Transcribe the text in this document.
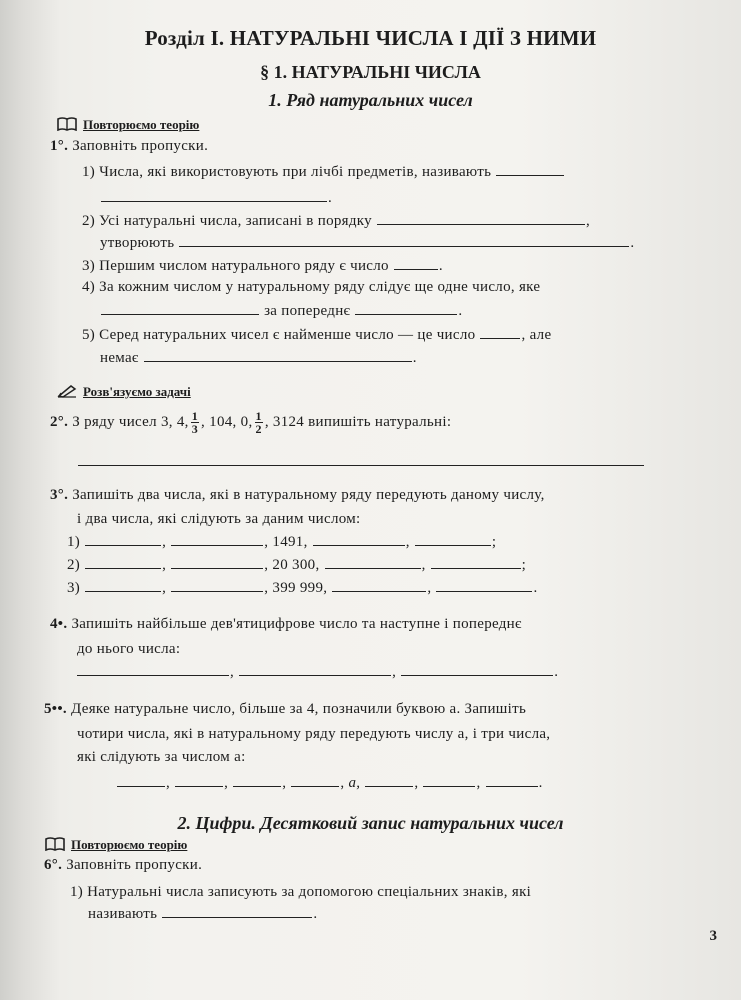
Розділ І. НАТУРАЛЬНІ ЧИСЛА І ДІЇ З НИМИ
§ 1. НАТУРАЛЬНІ ЧИСЛА
1. Ряд натуральних чисел
Повторюємо теорію
1°. Заповніть пропуски.
1) Числа, які використовують при лічбі предметів, називають
.
2) Усі натуральні числа, записані в порядку	,
утворюють	.
3) Першим числом натурального ряду є число	.
4) За кожним числом у натуральному ряду слідує ще одне число, яке
за попереднє	.
5) Серед натуральних чисел є найменше число — це число	, але
немає	.
Розв'язуємо задачі
2°. З ряду чисел 3, 4, $\frac{1}{3}$ , 104, 0, $\frac{1}{2}$ , 3124 випишіть натуральні:
3°. Запишіть два числа, які в натуральному ряду передують даному числу,
і два числа, які слідують за даним числом:
1)	,	, 1491,	,	;
2)	,	, 20 300,	,	;
3)	,	, 399 999,	,	.
4•. Запишіть найбільше дев'ятицифрове число та наступне і попереднє
до нього числа:
,	,	.
5••. Деяке натуральне число, більше за 4, позначили буквою a. Запишіть
чотири числа, які в натуральному ряду передують числу a, і три числа,
які слідують за числом a:
,	,	,	, a,	,	,	.
2. Цифри. Десятковий запис натуральних чисел
Повторюємо теорію
6°. Заповніть пропуски.
1) Натуральні числа записують за допомогою спеціальних знаків, які
називають	.
3
